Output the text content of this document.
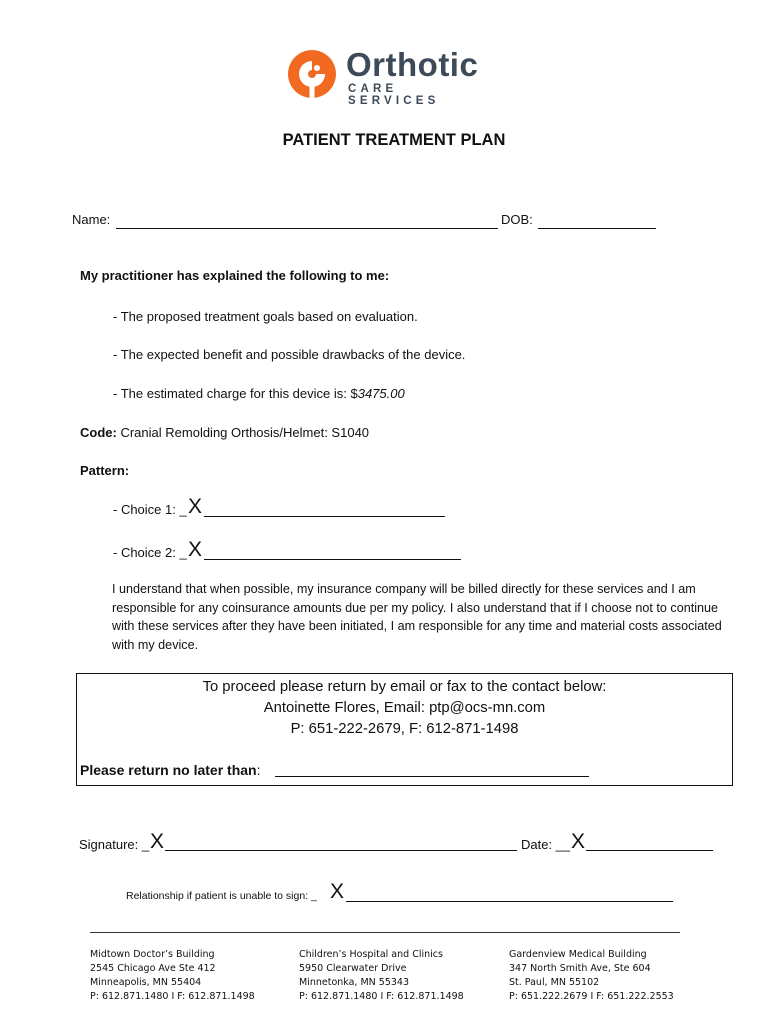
Orthotic
CARE SERVICES
PATIENT TREATMENT PLAN
Name:	DOB:
My practitioner has explained the following to me:
- The proposed treatment goals based on evaluation.
- The expected benefit and possible drawbacks of the device.
- The estimated charge for this device is: $3475.00
Code: Cranial Remolding Orthosis/Helmet: S1040
Pattern:
- Choice 1: _ X
- Choice 2: _ X
I understand that when possible, my insurance company will be billed directly for these services and I am responsible for any coinsurance amounts due per my policy. I also understand that if I choose not to continue with these services after they have been initiated, I am responsible for any time and material costs associated with my device.
To proceed please return by email or fax to the contact below:
Antoinette Flores, Email: ptp@ocs-mn.com
P: 651-222-2679, F: 612-871-1498
Please return no later than:
Signature: _ X	Date: __ X
Relationship if patient is unable to sign: _ X
Midtown Doctor’s Building
2545 Chicago Ave Ste 412
Minneapolis, MN 55404
P: 612.871.1480 I F: 612.871.1498
Children’s Hospital and Clinics
5950 Clearwater Drive
Minnetonka, MN 55343
P: 612.871.1480 I F: 612.871.1498
Gardenview Medical Building
347 North Smith Ave, Ste 604
St. Paul, MN 55102
P: 651.222.2679 I F: 651.222.2553
